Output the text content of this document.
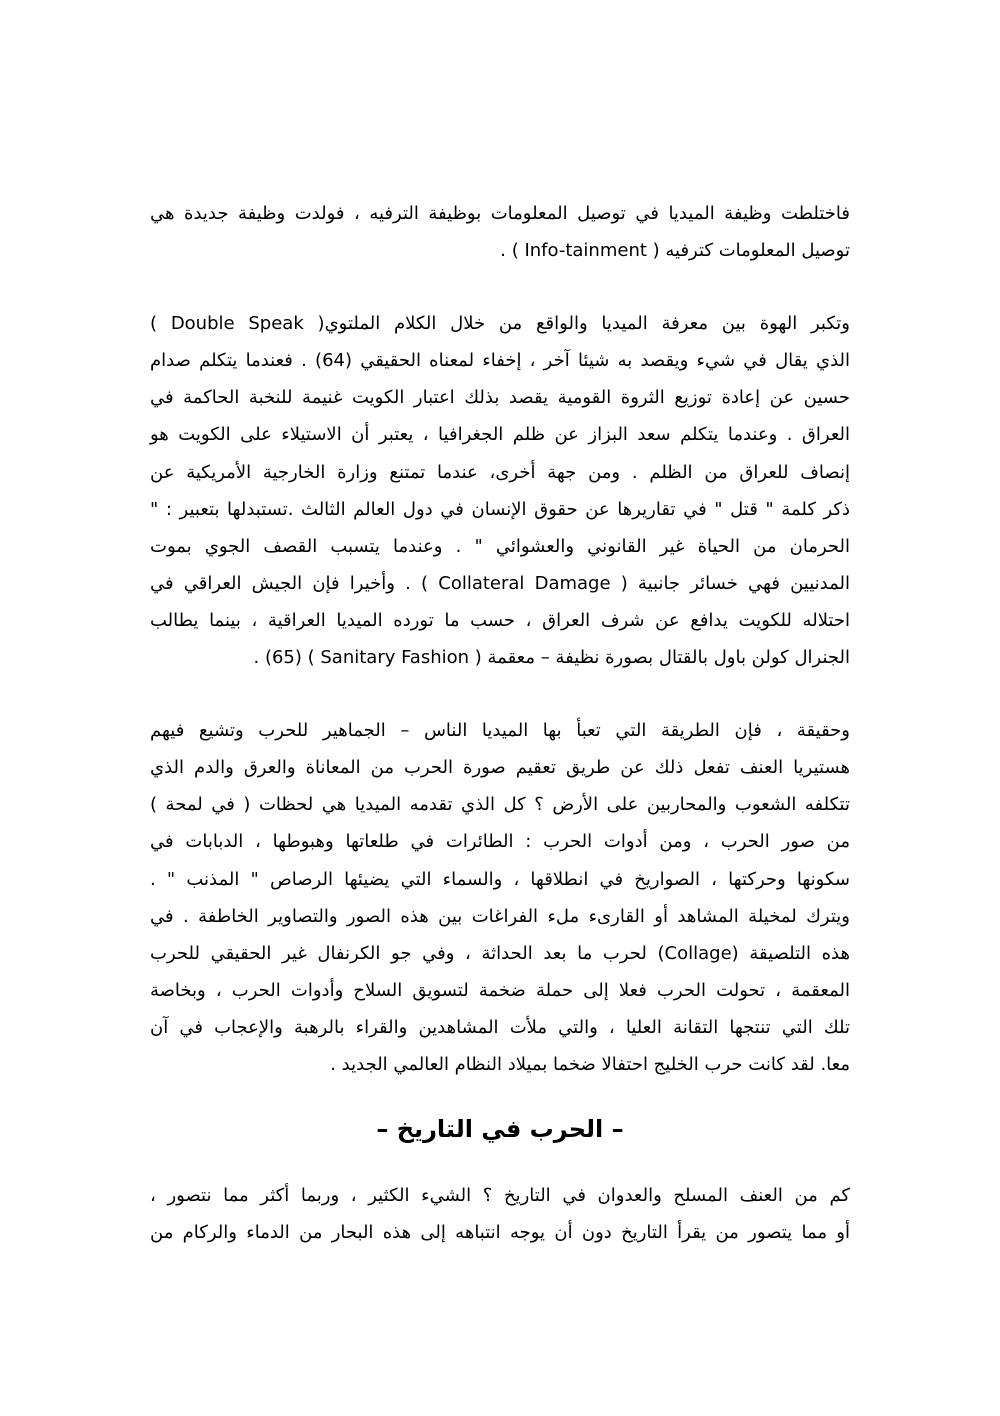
فاختلطت وظيفة الميديا في توصيل المعلومات بوظيفة الترفيه ، فولدت وظيفة جديدة هي
توصيل المعلومات كترفيه ( Info-tainment ) .

وتكبر الهوة بين معرفة الميديا والواقع من خلال الكلام الملتوي( Double Speak )
الذي يقال في شيء ويقصد به شيئا آخر ، إخفاء لمعناه الحقيقي (64) . فعندما يتكلم صدام
حسين عن إعادة توزيع الثروة القومية يقصد بذلك اعتبار الكويت غنيمة للنخبة الحاكمة في
العراق . وعندما يتكلم سعد البزاز عن ظلم الجغرافيا ، يعتبر أن الاستيلاء على الكويت هو
إنصاف للعراق من الظلم . ومن جهة أخرى، عندما تمتنع وزارة الخارجية الأمريكية عن
ذكر كلمة " قتل " في تقاريرها عن حقوق الإنسان في دول العالم الثالث .تستبدلها بتعبير : "
الحرمان من الحياة غير القانوني والعشوائي " . وعندما يتسبب القصف الجوي بموت
المدنيين فهي خسائر جانبية ( Collateral Damage ) . وأخيرا فإن الجيش العراقي في
احتلاله للكويت يدافع عن شرف العراق ، حسب ما تورده الميديا العراقية ، بينما يطالب
الجنرال كولن باول بالقتال بصورة نظيفة – معقمة ( Sanitary Fashion ) (65) .

وحقيقة ، فإن الطريقة التي تعبأ بها الميديا الناس – الجماهير للحرب وتشيع فيهم
هستيريا العنف تفعل ذلك عن طريق تعقيم صورة الحرب من المعاناة والعرق والدم الذي
تتكلفه الشعوب والمحاربين على الأرض ؟ كل الذي تقدمه الميديا هي لحظات ( في لمحة )
من صور الحرب ، ومن أدوات الحرب : الطائرات في طلعاتها وهبوطها ، الدبابات في
سكونها وحركتها ، الصواريخ في انطلاقها ، والسماء التي يضيئها الرصاص " المذنب " .
ويترك لمخيلة المشاهد أو القارىء ملء الفراغات بين هذه الصور والتصاوير الخاطفة . في
هذه التلصيقة (Collage) لحرب ما بعد الحداثة ، وفي جو الكرنفال غير الحقيقي للحرب
المعقمة ، تحولت الحرب فعلا إلى حملة ضخمة لتسويق السلاح وأدوات الحرب ، وبخاصة
تلك التي تنتجها التقانة العليا ، والتي ملأت المشاهدين والقراء بالرهبة والإعجاب في آن
معا. لقد كانت حرب الخليج احتفالا ضخما بميلاد النظام العالمي الجديد .

– الحرب في التاريخ –

كم من العنف المسلح والعدوان في التاريخ ؟ الشيء الكثير ، وربما أكثر مما نتصور ،
أو مما يتصور من يقرأ التاريخ دون أن يوجه انتباهه إلى هذه البحار من الدماء والركام من
